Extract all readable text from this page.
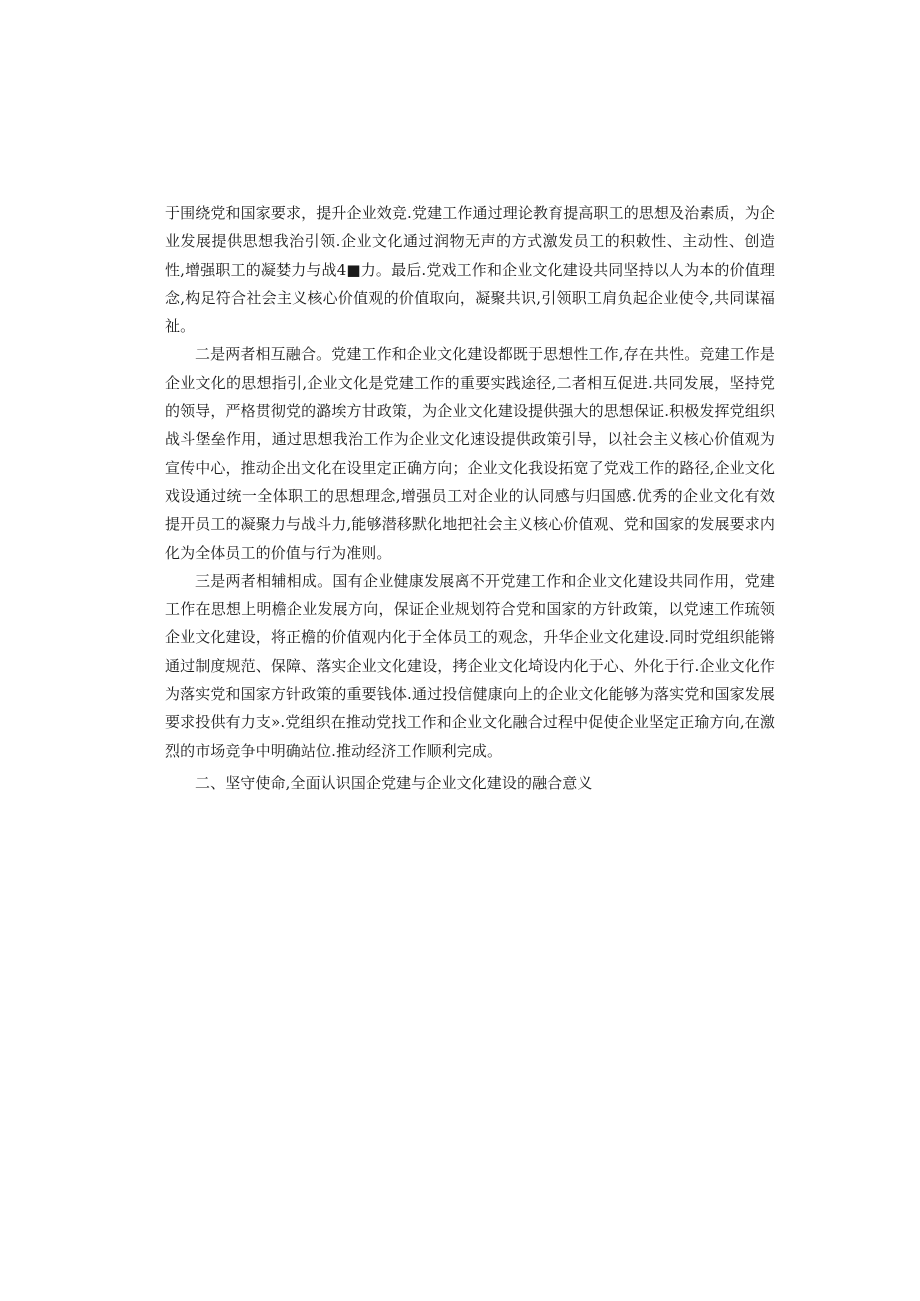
于围绕党和国家要求，提升企业效竞.党建工作通过理论教育提高职工的思想及治素质，为企业发展提供思想我治引领.企业文化通过润物无声的方式激发员工的积敕性、主动性、创造性,增强职工的凝婪力与战4■力。最后.党戏工作和企业文化建设共同坚持以人为本的价值理念,构足符合社会主义核心价值观的价值取向，凝聚共识,引领职工肩负起企业使令,共同谋福祉。

二是两者相互融合。党建工作和企业文化建设都既于思想性工作,存在共性。竞建工作是企业文化的思想指引,企业文化是党建工作的重要实践途径,二者相互促进.共同发展，坚持党的领导，严格贯彻党的潞埃方甘政策，为企业文化建设提供强大的思想保证.积极发挥党组织战斗堡垒作用，通过思想我治工作为企业文化速设提供政策引导，以社会主义核心价值观为宣传中心，推动企出文化在设里定正确方向；企业文化我设拓宽了党戏工作的路径,企业文化戏设通过统一全体职工的思想理念,增强员工对企业的认同感与归国感.优秀的企业文化有效提开员工的凝聚力与战斗力,能够潜移默化地把社会主义核心价值观、党和国家的发展要求内化为全体员工的价值与行为准则。

三是两者相辅相成。国有企业健康发展离不开党建工作和企业文化建设共同作用，党建工作在思想上明檐企业发展方向，保证企业规划符合党和国家的方针政策，以党速工作琉领企业文化建设，将正檐的价值观内化于全体员工的观念，升华企业文化建设.同时党组织能锵通过制度规范、保障、落实企业文化建设，拷企业文化埼设内化于心、外化于行.企业文化作为落实党和国家方针政策的重要钱体.通过投信健康向上的企业文化能够为落实党和国家发展要求投供有力支».党组织在推动党找工作和企业文化融合过程中促使企业坚定正瑜方向,在激烈的市场竞争中明确站位.推动经济工作顺利完成。

二、坚守使命,全面认识国企党建与企业文化建设的融合意义
